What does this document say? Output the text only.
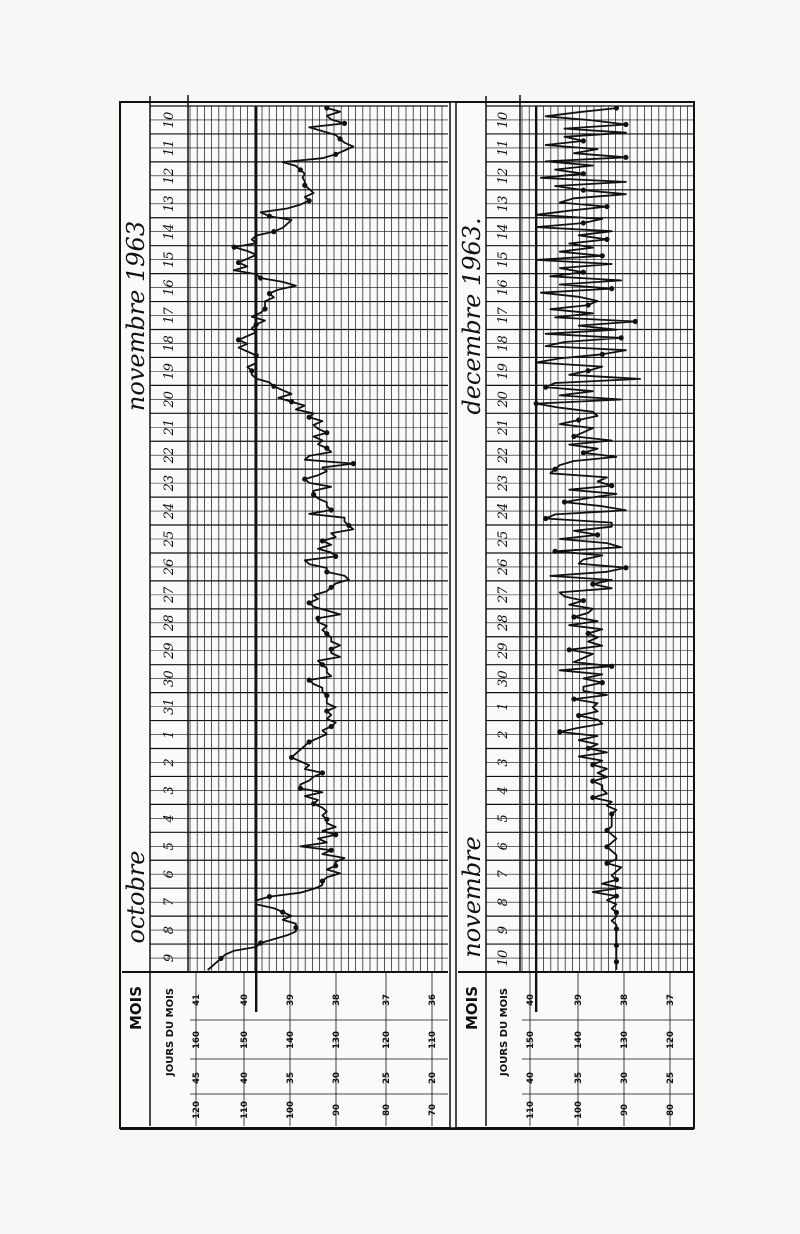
10
11
12
13
14
15
16
17
18
19
20
21
22
23
24
25
26
27
28
29
30
31
1
2
3
4
5
6
7
8
9
octobre
novembre 1963
MOIS JOURS DU MOIS 41	40	39	38	37	36
160	150	140	130	120	110
45	40	35	30	25	20
120	110	100	90	80	70
10
11
12
13
14
15
16
17
18
19
20
21
22
23
24
25
26
27
28
29
30
1
2
3
4
5
6
7
8
9
10
novembre
decembre 1963.
MOIS JOURS DU MOIS 40	39	38	37
150	140	130	120
40	35	30	25
110	100	90	80
